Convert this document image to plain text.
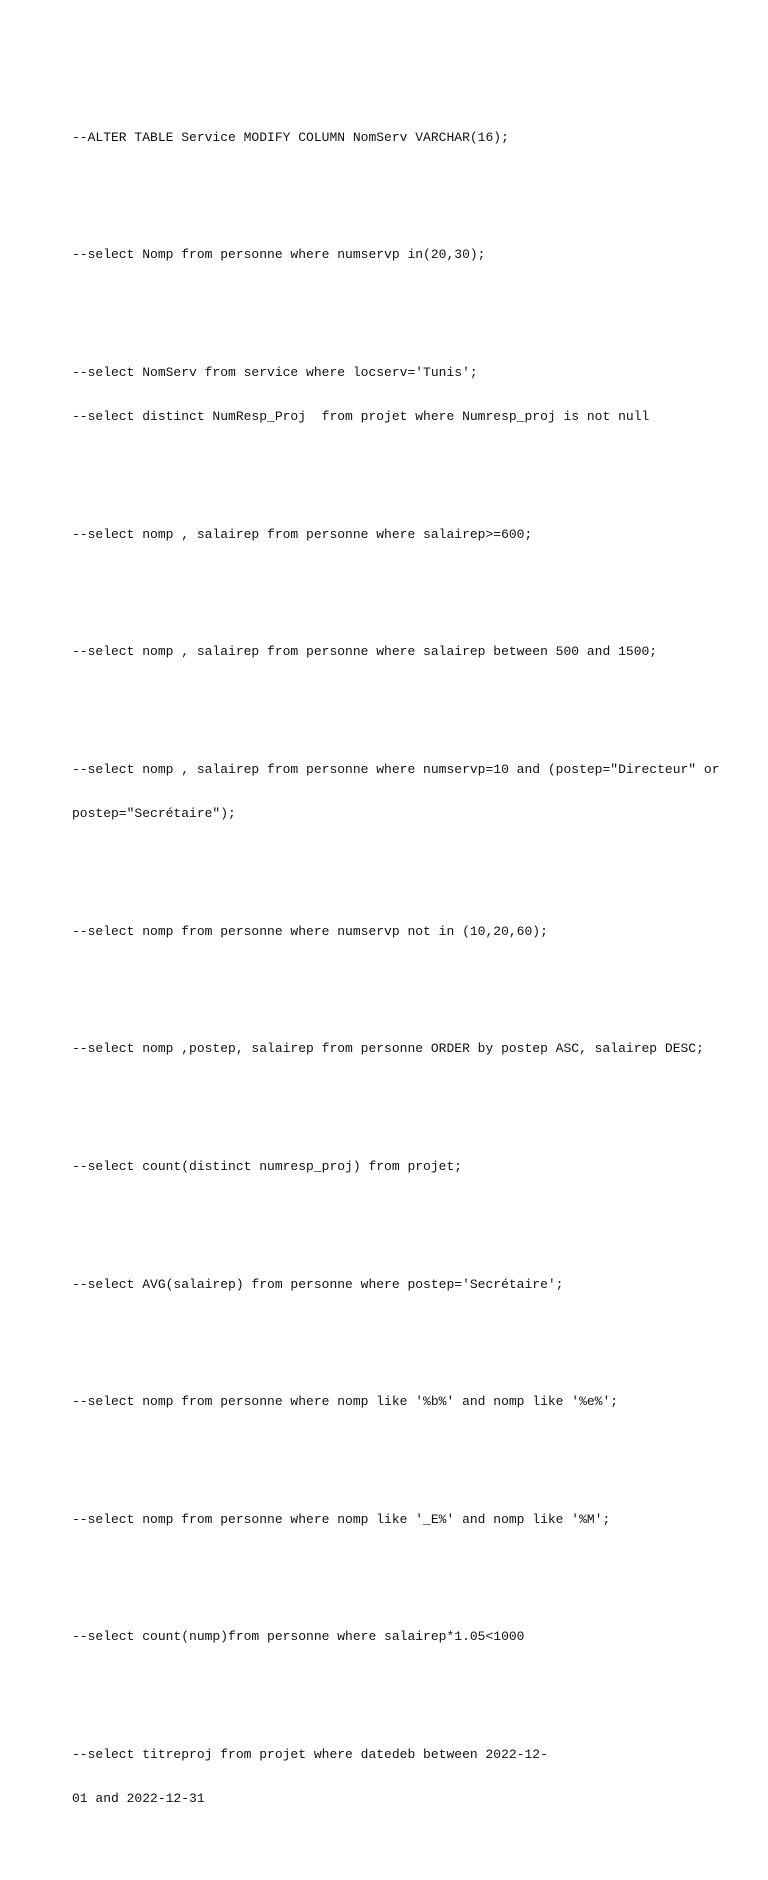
--ALTER TABLE Service MODIFY COLUMN NomServ VARCHAR(16);

--select Nomp from personne where numservp in(20,30);

--select NomServ from service where locserv='Tunis';

--select distinct NumResp_Proj  from projet where Numresp_proj is not null

--select nomp , salairep from personne where salairep>=600;

--select nomp , salairep from personne where salairep between 500 and 1500;

--select nomp , salairep from personne where numservp=10 and (postep="Directeur" or

postep="Secrétaire");

--select nomp from personne where numservp not in (10,20,60);

--select nomp ,postep, salairep from personne ORDER by postep ASC, salairep DESC;

--select count(distinct numresp_proj) from projet;

--select AVG(salairep) from personne where postep='Secrétaire';

--select nomp from personne where nomp like '%b%' and nomp like '%e%';

--select nomp from personne where nomp like '_E%' and nomp like '%M';

--select count(nump)from personne where salairep*1.05<1000

--select titreproj from projet where datedeb between 2022-12-

01 and 2022-12-31
